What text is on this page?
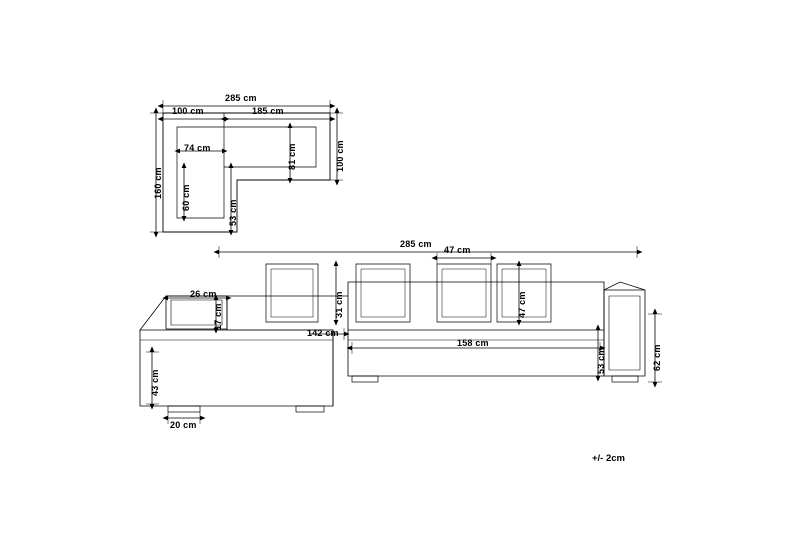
285 cm
100 cm	185 cm
74 cm	81 cm	100 cm
160 cm 60 cm
53 cm
285 cm
47 cm
26 cm
17 cm	31 cm	47 cm
142 cm
158 cm
53 cm	62 cm
43 cm
20 cm
+/- 2cm
